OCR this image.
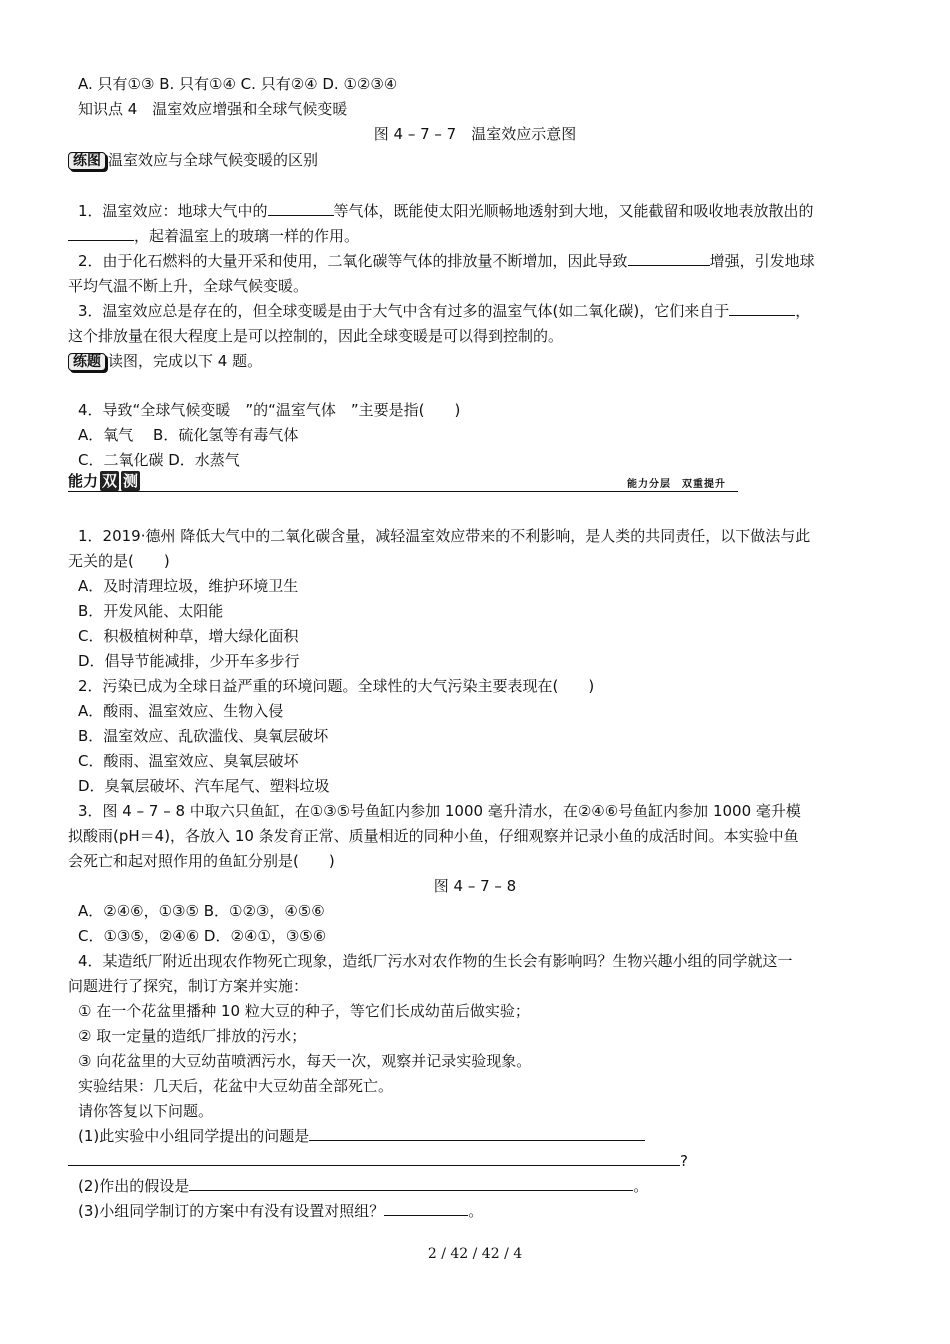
A. 只有①③ B. 只有①④ C. 只有②④ D. ①②③④
知识点 4　温室效应增强和全球气候变暖
图 4 – 7 – 7　温室效应示意图
练图 温室效应与全球气候变暖的区别
1．温室效应：地球大气中的	等气体，既能使太阳光顺畅地透射到大地，又能截留和吸收地表放散出的
，起着温室上的玻璃一样的作用。
2．由于化石燃料的大量开采和使用，二氧化碳等气体的排放量不断增加，因此导致	增强，引发地球
平均气温不断上升，全球气候变暖。
3．温室效应总是存在的，但全球变暖是由于大气中含有过多的温室气体(如二氧化碳)，它们来自于	，
这个排放量在很大程度上是可以控制的，因此全球变暖是可以得到控制的。
练题 读图，完成以下 4 题。
4．导致“全球气候变暖　”的“温室气体　”主要是指(　　)
A．氧气　 B．硫化氢等有毒气体
C．二氧化碳 D．水蒸气
能力 双 测	能力分层　双重提升
1．2019·德州 降低大气中的二氧化碳含量，减轻温室效应带来的不利影响，是人类的共同责任，以下做法与此
无关的是(　　)
A．及时清理垃圾，维护环境卫生
B．开发风能、太阳能
C．积极植树种草，增大绿化面积
D．倡导节能减排，少开车多步行
2．污染已成为全球日益严重的环境问题。全球性的大气污染主要表现在(　　)
A．酸雨、温室效应、生物入侵
B．温室效应、乱砍滥伐、臭氧层破坏
C．酸雨、温室效应、臭氧层破坏
D．臭氧层破坏、汽车尾气、塑料垃圾
3．图 4 – 7 – 8 中取六只鱼缸，在①③⑤号鱼缸内参加 1000 毫升清水，在②④⑥号鱼缸内参加 1000 毫升模
拟酸雨(pH＝4)，各放入 10 条发育正常、质量相近的同种小鱼，仔细观察并记录小鱼的成活时间。本实验中鱼
会死亡和起对照作用的鱼缸分别是(　　)
图 4 – 7 – 8
A．②④⑥，①③⑤ B．①②③，④⑤⑥
C．①③⑤，②④⑥ D．②④①，③⑤⑥
4．某造纸厂附近出现农作物死亡现象，造纸厂污水对农作物的生长会有影响吗？生物兴趣小组的同学就这一
问题进行了探究，制订方案并实施：
① 在一个花盆里播种 10 粒大豆的种子，等它们长成幼苗后做实验；
② 取一定量的造纸厂排放的污水；
③ 向花盆里的大豆幼苗喷洒污水，每天一次，观察并记录实验现象。
实验结果：几天后，花盆中大豆幼苗全部死亡。
请你答复以下问题。
(1)此实验中小组同学提出的问题是
?
(2)作出的假设是	。
(3)小组同学制订的方案中有没有设置对照组？	。
2 / 42 / 42 / 4
